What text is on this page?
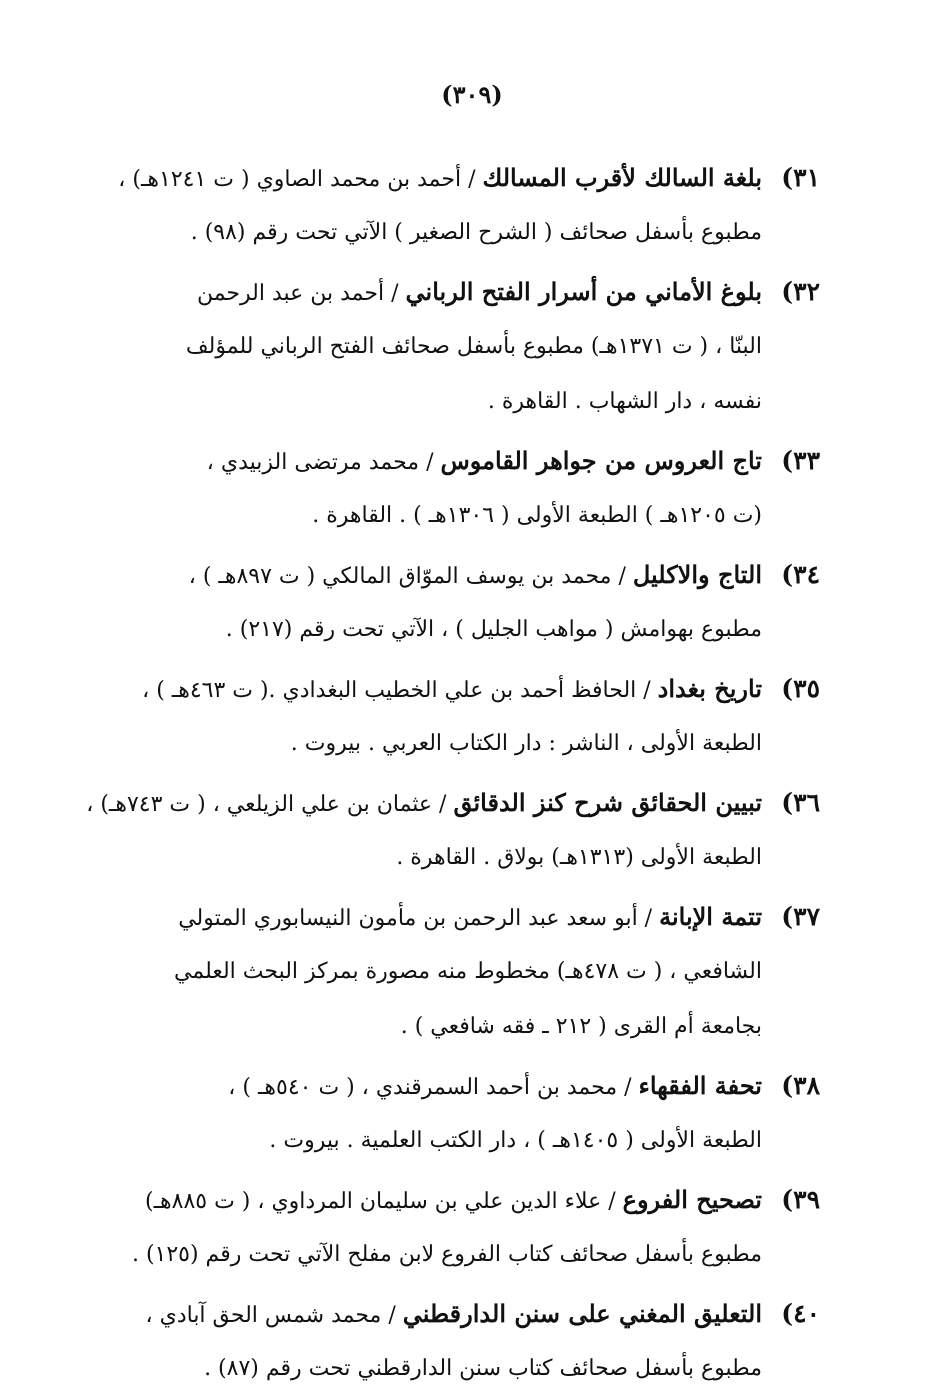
(٣٠٩)
٣١)
بلغة السالك لأقرب المسالك / أحمد بن محمد الصاوي ( ت ١٢٤١هـ) ،
مطبوع بأسفل صحائف ( الشرح الصغير ) الآتي تحت رقم (٩٨) .
٣٢)
بلوغ الأماني من أسرار الفتح الرباني / أحمد بن عبد الرحمن
البنّا ، ( ت ١٣٧١هـ) مطبوع بأسفل صحائف الفتح الرباني للمؤلف
نفسه ، دار الشهاب . القاهرة .
٣٣)
تاج العروس من جواهر القاموس / محمد مرتضى الزبيدي ،
(ت ١٢٠٥هـ ) الطبعة الأولى ( ١٣٠٦هـ ) . القاهرة .
٣٤)
التاج والاكليل / محمد بن يوسف الموّاق المالكي ( ت ٨٩٧هـ ) ،
مطبوع بهوامش ( مواهب الجليل ) ، الآتي تحت رقم (٢١٧) .
٣٥)
تاريخ بغداد / الحافظ أحمد بن علي الخطيب البغدادي .( ت ٤٦٣هـ ) ،
الطبعة الأولى ، الناشر : دار الكتاب العربي . بيروت .
٣٦)
تبيين الحقائق شرح كنز الدقائق / عثمان بن علي الزيلعي ، ( ت ٧٤٣هـ) ،
الطبعة الأولى (١٣١٣هـ) بولاق . القاهرة .
٣٧)
تتمة الإبانة / أبو سعد عبد الرحمن بن مأمون النيسابوري المتولي
الشافعي ، ( ت ٤٧٨هـ) مخطوط منه مصورة بمركز البحث العلمي
بجامعة أم القرى ( ٢١٢ ـ فقه شافعي ) .
٣٨)
تحفة الفقهاء / محمد بن أحمد السمرقندي ، ( ت ٥٤٠هـ ) ،
الطبعة الأولى ( ١٤٠٥هـ ) ، دار الكتب العلمية . بيروت .
٣٩)
تصحيح الفروع / علاء الدين علي بن سليمان المرداوي ، ( ت ٨٨٥هـ)
مطبوع بأسفل صحائف كتاب الفروع لابن مفلح الآتي تحت رقم (١٢٥) .
٤٠)
التعليق المغني على سنن الدارقطني / محمد شمس الحق آبادي ،
مطبوع بأسفل صحائف كتاب سنن الدارقطني تحت رقم (٨٧) .
